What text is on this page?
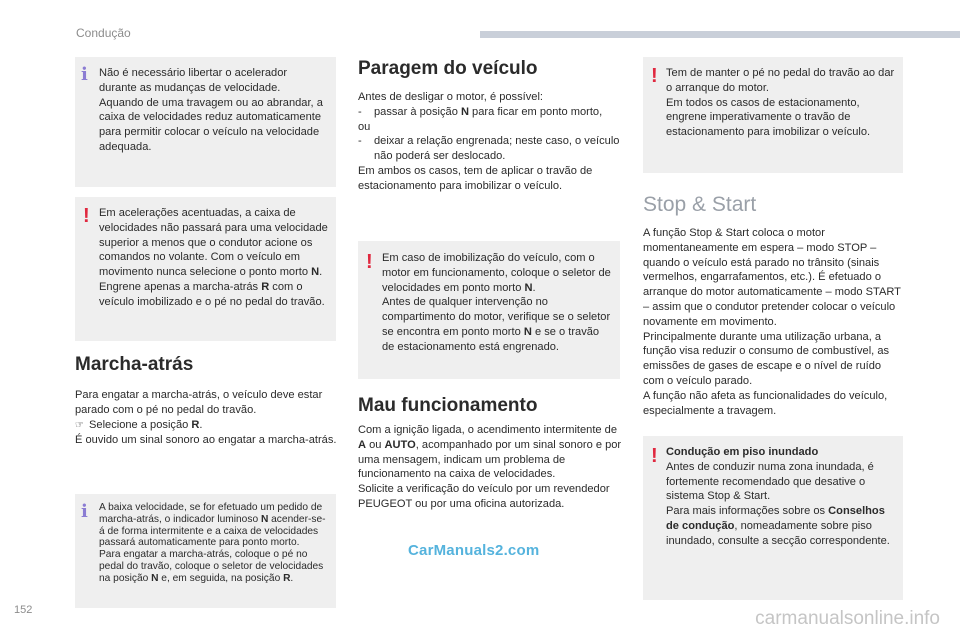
Condução
i Não é necessário libertar o acelerador durante as mudanças de velocidade. Aquando de uma travagem ou ao abrandar, a caixa de velocidades reduz automaticamente para permitir colocar o veículo na velocidade adequada.
! Em acelerações acentuadas, a caixa de velocidades não passará para uma velocidade superior a menos que o condutor acione os comandos no volante. Com o veículo em movimento nunca selecione o ponto morto N.
Engrene apenas a marcha-atrás R com o veículo imobilizado e o pé no pedal do travão.
Marcha-atrás
Para engatar a marcha-atrás, o veículo deve estar parado com o pé no pedal do travão.
☞ Selecione a posição R.
É ouvido um sinal sonoro ao engatar a marcha-atrás.
i A baixa velocidade, se for efetuado um pedido de marcha-atrás, o indicador luminoso N acender-se-á de forma intermitente e a caixa de velocidades passará automaticamente para ponto morto.
Para engatar a marcha-atrás, coloque o pé no pedal do travão, coloque o seletor de velocidades na posição N e, em seguida, na posição R.
Paragem do veículo
Antes de desligar o motor, é possível:
- passar à posição N para ficar em ponto morto,
ou
- deixar a relação engrenada; neste caso, o veículo não poderá ser deslocado.
Em ambos os casos, tem de aplicar o travão de estacionamento para imobilizar o veículo.
! Em caso de imobilização do veículo, com o motor em funcionamento, coloque o seletor de velocidades em ponto morto N.
Antes de qualquer intervenção no compartimento do motor, verifique se o seletor se encontra em ponto morto N e se o travão de estacionamento está engrenado.
Mau funcionamento
Com a ignição ligada, o acendimento intermitente de A ou AUTO, acompanhado por um sinal sonoro e por uma mensagem, indicam um problema de funcionamento na caixa de velocidades.
Solicite a verificação do veículo por um revendedor PEUGEOT ou por uma oficina autorizada.
CarManuals2.com
! Tem de manter o pé no pedal do travão ao dar o arranque do motor.
Em todos os casos de estacionamento, engrene imperativamente o travão de estacionamento para imobilizar o veículo.
Stop & Start
A função Stop & Start coloca o motor momentaneamente em espera – modo STOP – quando o veículo está parado no trânsito (sinais vermelhos, engarrafamentos, etc.). É efetuado o arranque do motor automaticamente – modo START – assim que o condutor pretender colocar o veículo novamente em movimento.
Principalmente durante uma utilização urbana, a função visa reduzir o consumo de combustível, as emissões de gases de escape e o nível de ruído com o veículo parado.
A função não afeta as funcionalidades do veículo, especialmente a travagem.
! Condução em piso inundado
Antes de conduzir numa zona inundada, é fortemente recomendado que desative o sistema Stop & Start.
Para mais informações sobre os Conselhos de condução, nomeadamente sobre piso inundado, consulte a secção correspondente.
152	carmanualsonline.info
